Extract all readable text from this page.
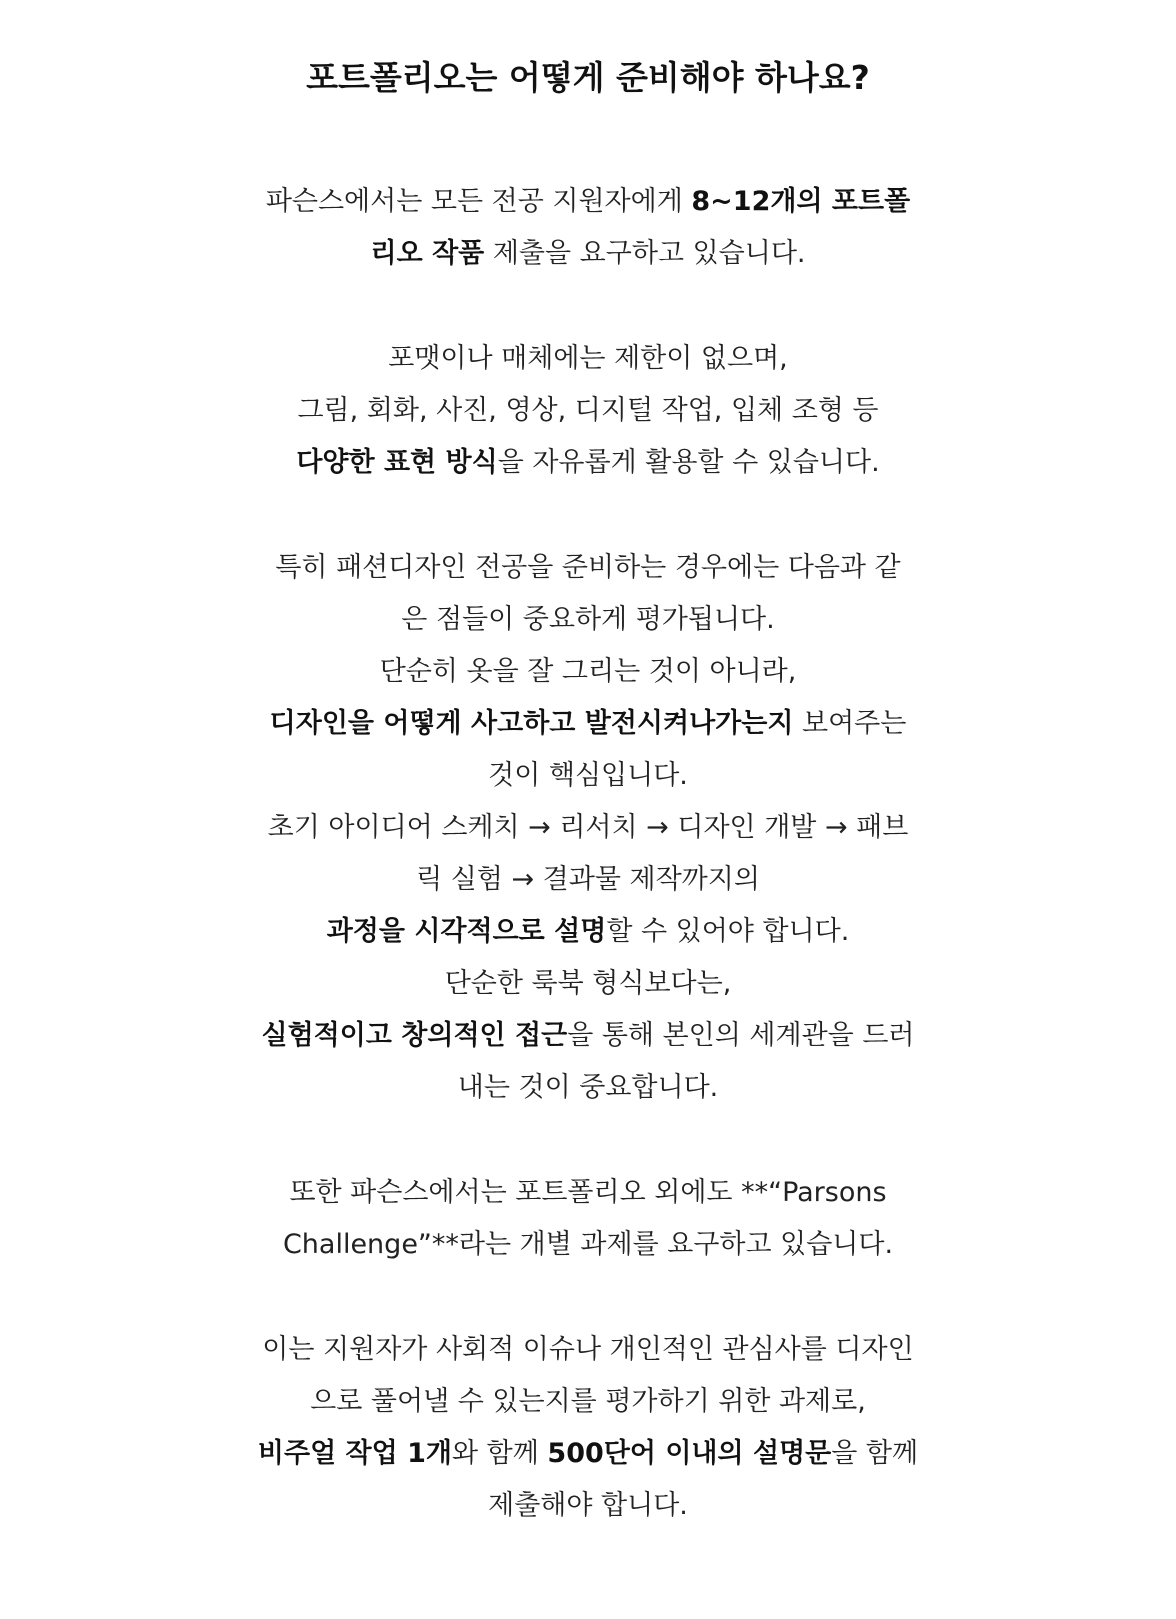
포트폴리오는 어떻게 준비해야 하나요?
파슨스에서는 모든 전공 지원자에게 8~12개의 포트폴
리오 작품 제출을 요구하고 있습니다.
포맷이나 매체에는 제한이 없으며,
그림, 회화, 사진, 영상, 디지털 작업, 입체 조형 등
다양한 표현 방식을 자유롭게 활용할 수 있습니다.
특히 패션디자인 전공을 준비하는 경우에는 다음과 같
은 점들이 중요하게 평가됩니다.
단순히 옷을 잘 그리는 것이 아니라,
디자인을 어떻게 사고하고 발전시켜나가는지 보여주는
것이 핵심입니다.
초기 아이디어 스케치 → 리서치 → 디자인 개발 → 패브
릭 실험 → 결과물 제작까지의
과정을 시각적으로 설명할 수 있어야 합니다.
단순한 룩북 형식보다는,
실험적이고 창의적인 접근을 통해 본인의 세계관을 드러
내는 것이 중요합니다.
또한 파슨스에서는 포트폴리오 외에도 **“Parsons
Challenge”**라는 개별 과제를 요구하고 있습니다.
이는 지원자가 사회적 이슈나 개인적인 관심사를 디자인
으로 풀어낼 수 있는지를 평가하기 위한 과제로,
비주얼 작업 1개와 함께 500단어 이내의 설명문을 함께
제출해야 합니다.
